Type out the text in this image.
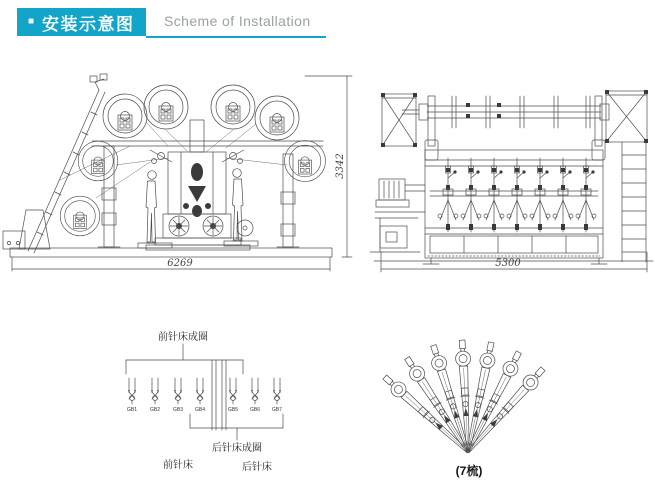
■ 安装示意图 Scheme of Installation
6269
3342
5300
前针床成圈
GB1	GB2	GB3 GB4	GB5 GB6 GB7
后针床成圈
前针床	后针床	(7梳)
